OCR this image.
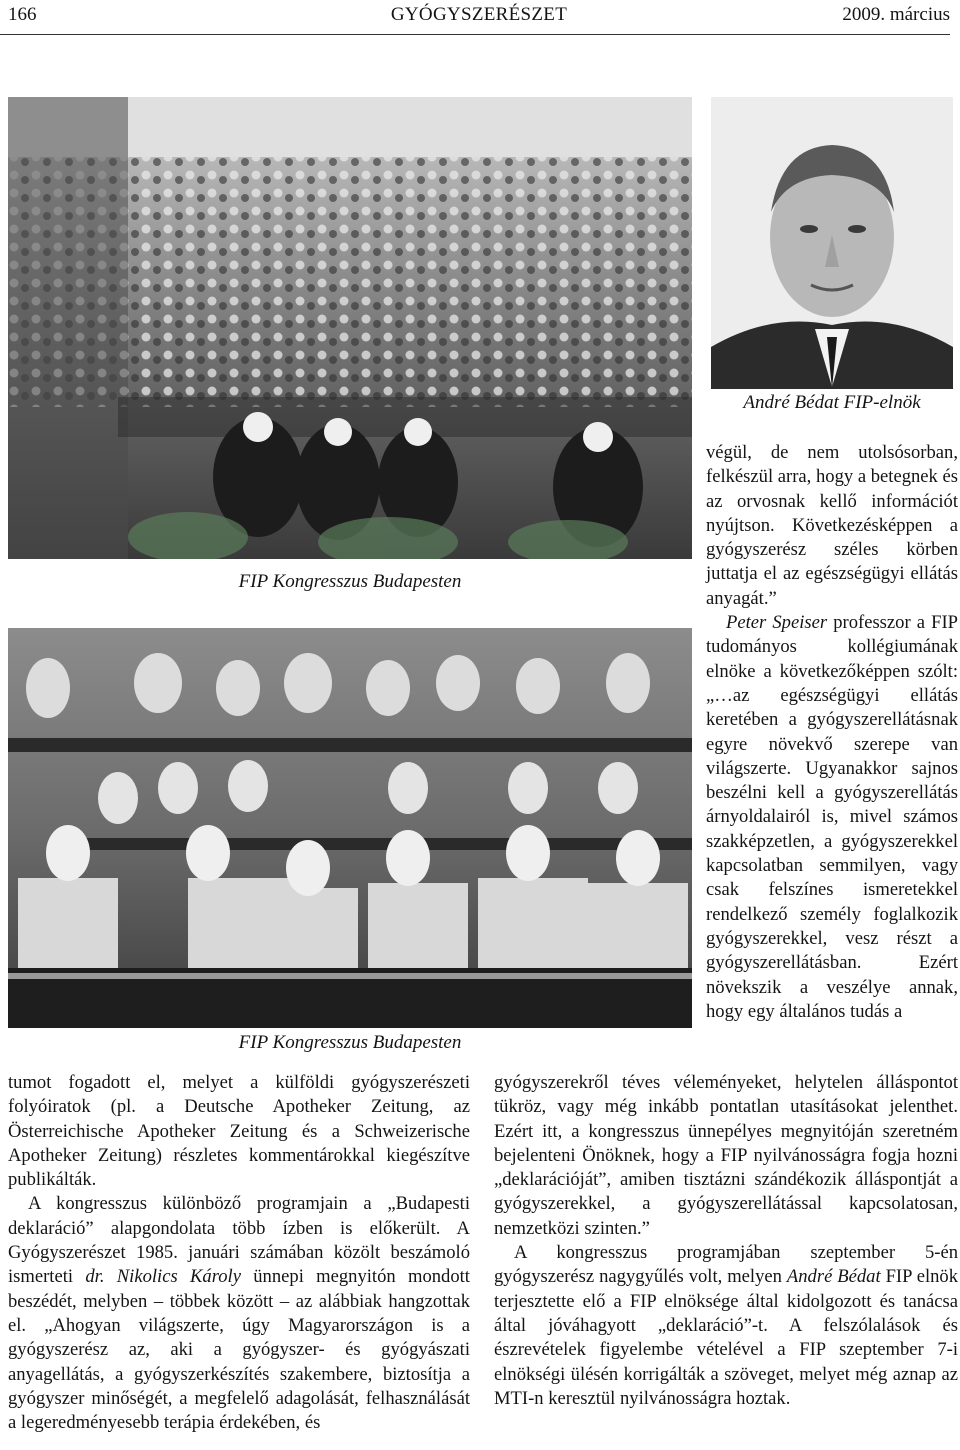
166	GYÓGYSZERÉSZET	2009. március
FIP Kongresszus Budapesten
André Bédat FIP-elnök
FIP Kongresszus Budapesten

végül, de nem utolsósorban, felkészül arra, hogy a betegnek és az orvosnak kellő információt nyújtson. Következésképpen a gyógyszerész széles körben juttatja el az egészségügyi ellátás anyagát.”

Peter Speiser professzor a FIP tudományos kollégiumának elnöke a következőképpen szólt: „…az egészségügyi ellátás keretében a gyógyszerellátásnak egyre növekvő szerepe van világszerte. Ugyanakkor sajnos beszélni kell a gyógyszerellátás árnyoldalairól is, mivel számos szakképzetlen, a gyógyszerekkel kapcsolatban semmilyen, vagy csak felszínes ismeretekkel rendelkező személy foglalkozik gyógyszerekkel, vesz részt a gyógyszerellátásban. Ezért növekszik a veszélye annak, hogy egy általános tudás a

tumot fogadott el, melyet a külföldi gyógyszerészeti folyóiratok (pl. a Deutsche Apotheker Zeitung, az Österreichische Apotheker Zeitung és a Schweizerische Apotheker Zeitung) részletes kommentárokkal kiegészítve publikálták.

A kongresszus különböző programjain a „Budapesti deklaráció” alapgondolata több ízben is előkerült. A Gyógyszerészet 1985. januári számában közölt beszámoló ismerteti dr. Nikolics Károly ünnepi megnyitón mondott beszédét, melyben – többek között – az alábbiak hangzottak el. „Ahogyan világszerte, úgy Magyarországon is a gyógyszerész az, aki a gyógyszer- és gyógyászati anyagellátás, a gyógyszerkészítés szakembere, biztosítja a gyógyszer minőségét, a megfelelő adagolását, felhasználását a legeredményesebb terápia érdekében, és

gyógyszerekről téves véleményeket, helytelen álláspontot tükröz, vagy még inkább pontatlan utasításokat jelenthet. Ezért itt, a kongresszus ünnepélyes megnyitóján szeretném bejelenteni Önöknek, hogy a FIP nyilvánosságra fogja hozni „deklarációját”, amiben tisztázni szándékozik álláspontját a gyógyszerekkel, a gyógyszerellátással kapcsolatosan, nemzetközi szinten.”

A kongresszus programjában szeptember 5-én gyógyszerész nagygyűlés volt, melyen André Bédat FIP elnök terjesztette elő a FIP elnöksége által kidolgozott és tanácsa által jóváhagyott „deklaráció”-t. A felszólalások és észrevételek figyelembe vételével a FIP szeptember 7-i elnökségi ülésén korrigálták a szöveget, melyet még aznap az MTI-n keresztül nyilvánosságra hoztak.
